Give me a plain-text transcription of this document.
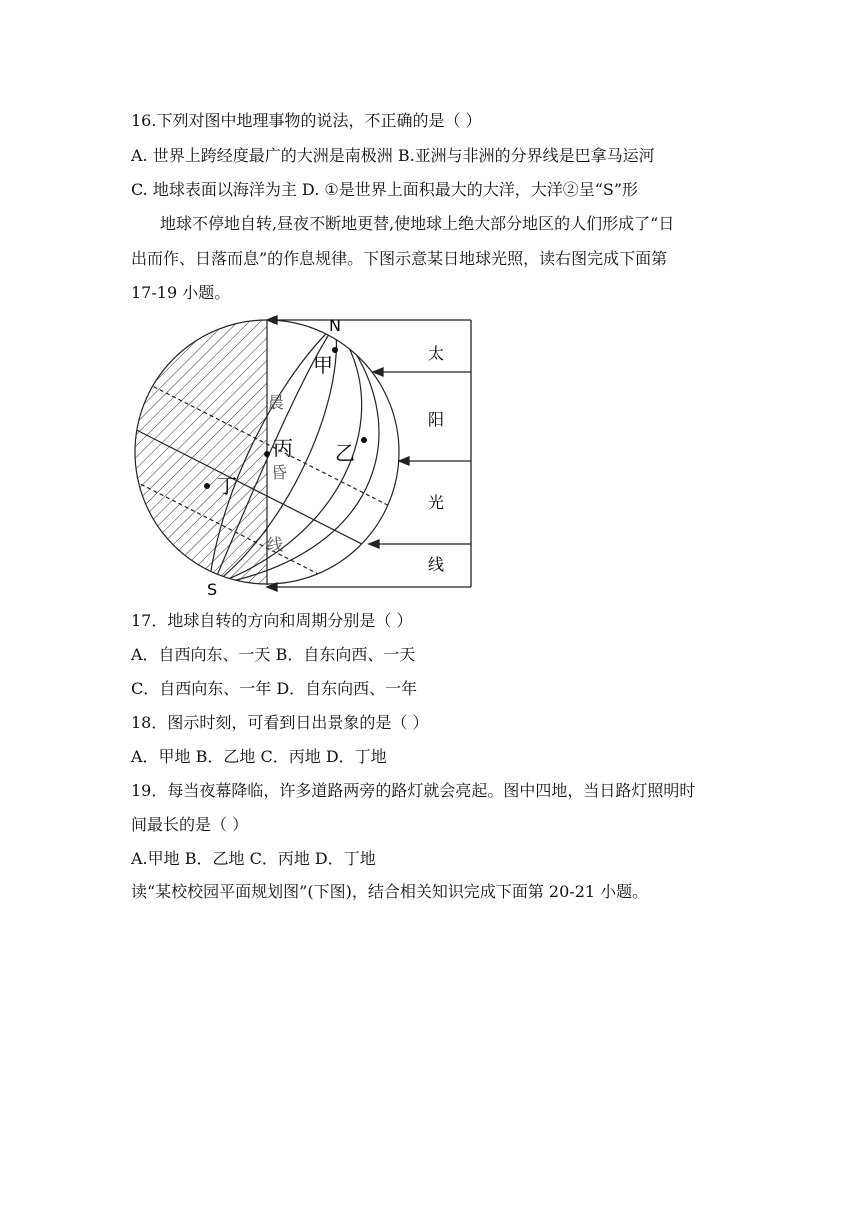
16.下列对图中地理事物的说法，不正确的是（ ）
A. 世界上跨经度最广的大洲是南极洲 B.亚洲与非洲的分界线是巴拿马运河
C. 地球表面以海洋为主 D. ①是世界上面积最大的大洋，大洋②呈“S”形
地球不停地自转,昼夜不断地更替,使地球上绝大部分地区的人们形成了“日
出而作、日落而息”的作息规律。下图示意某日地球光照，读右图完成下面第
17-19 小题。
N
S
甲
乙
丙
丁
晨
昏
线
太
阳
光
线
17．地球自转的方向和周期分别是（ ）
A．自西向东、一天 B．自东向西、一天
C．自西向东、一年 D．自东向西、一年
18．图示时刻，可看到日出景象的是（ ）
A．甲地 B．乙地 C．丙地 D．丁地
19．每当夜幕降临，许多道路两旁的路灯就会亮起。图中四地，当日路灯照明时
间最长的是（ ）
A.甲地 B．乙地 C．丙地 D．丁地
读“某校校园平面规划图”(下图)，结合相关知识完成下面第 20-21 小题。
